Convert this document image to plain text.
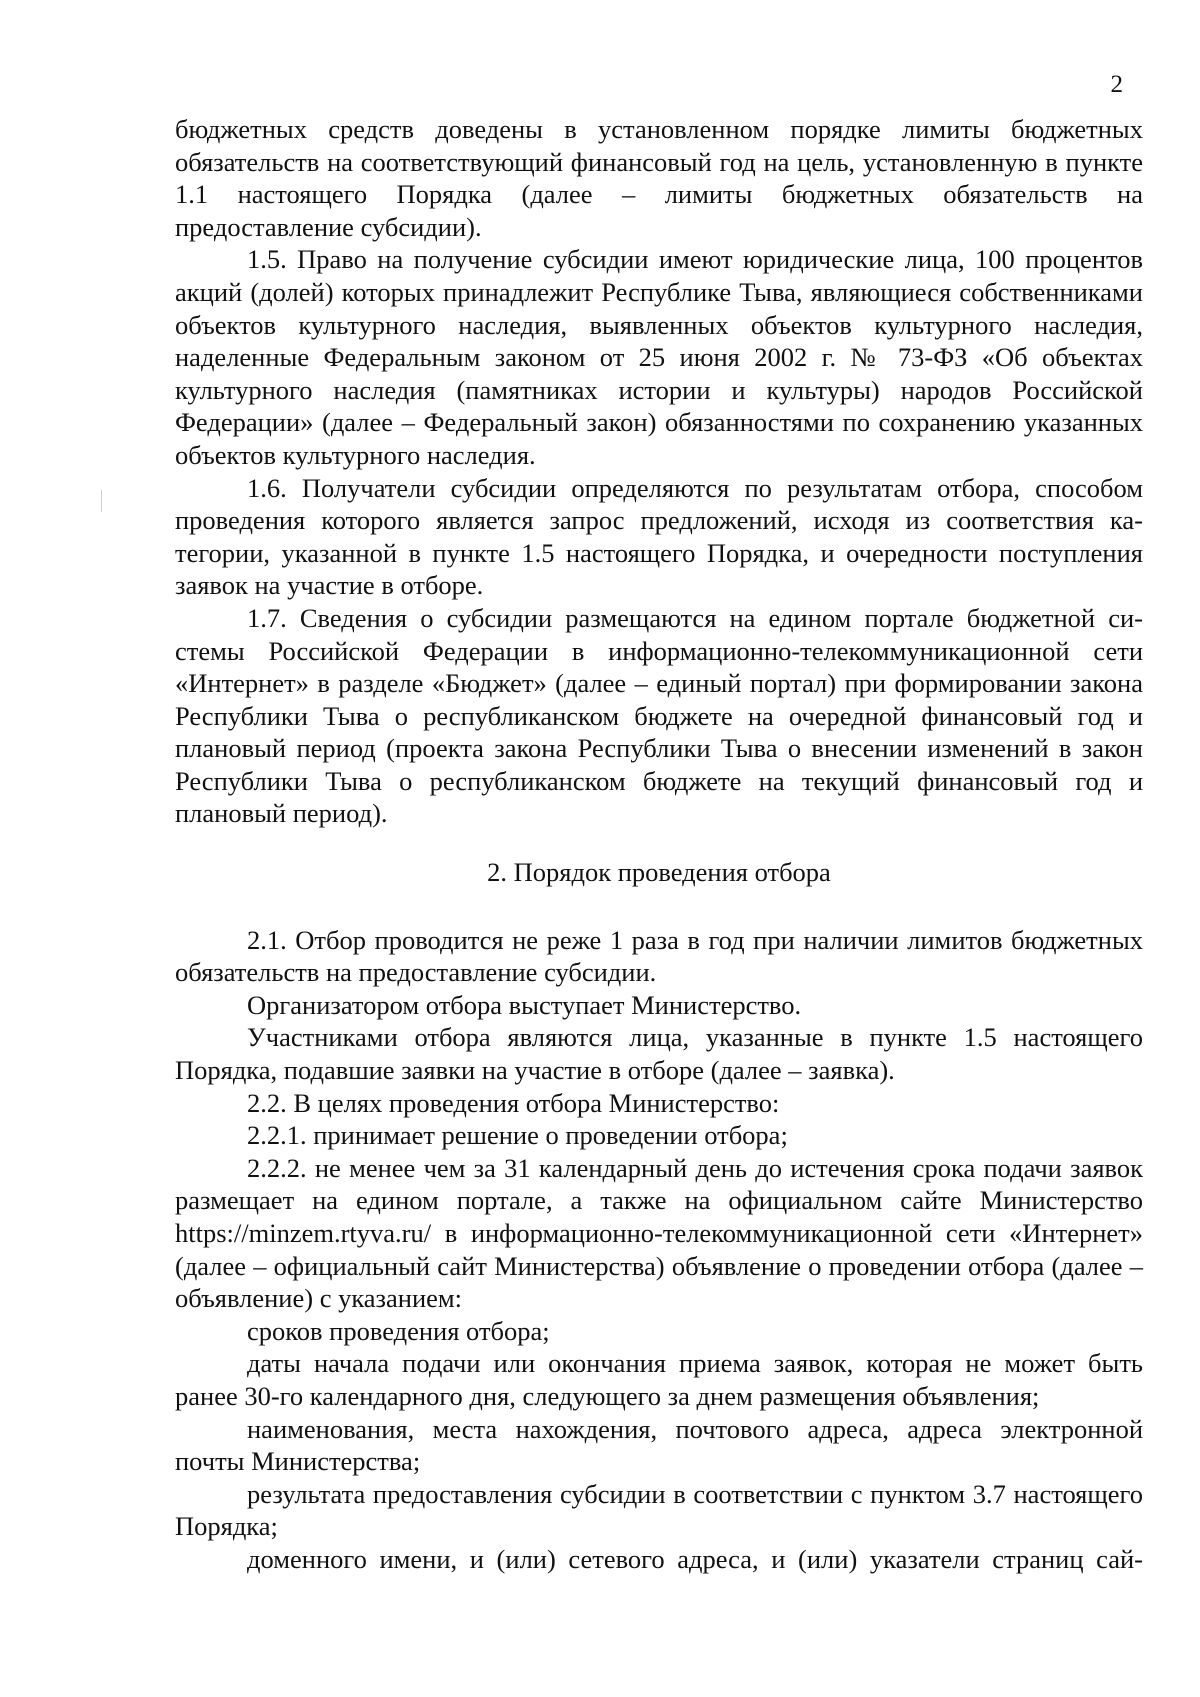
2

бюджетных средств доведены в установленном порядке лимиты бюджетных обязательств на соответствующий финансовый год на цель, установленную в пункте 1.1 настоящего Порядка (далее – лимиты бюджетных обязательств на предоставление субсидии).

1.5. Право на получение субсидии имеют юридические лица, 100 процентов акций (долей) которых принадлежит Республике Тыва, являющиеся собственниками объектов культурного наследия, выявленных объектов культурного наследия, наделенные Федеральным законом от 25 июня 2002 г. № 73-ФЗ «Об объектах культурного наследия (памятниках истории и культуры) народов Российской Федерации» (далее – Федеральный закон) обязанностями по сохранению указанных объектов культурного наследия.

1.6. Получатели субсидии определяются по результатам отбора, способом проведения которого является запрос предложений, исходя из соответствия категории, указанной в пункте 1.5 настоящего Порядка, и очередности поступления заявок на участие в отборе.

1.7. Сведения о субсидии размещаются на едином портале бюджетной системы Российской Федерации в информационно-телекоммуникационной сети «Интернет» в разделе «Бюджет» (далее – единый портал) при формировании закона Республики Тыва о республиканском бюджете на очередной финансовый год и плановый период (проекта закона Республики Тыва о внесении изменений в закон Республики Тыва о республиканском бюджете на текущий финансовый год и плановый период).

2. Порядок проведения отбора

2.1. Отбор проводится не реже 1 раза в год при наличии лимитов бюджетных обязательств на предоставление субсидии.

Организатором отбора выступает Министерство.

Участниками отбора являются лица, указанные в пункте 1.5 настоящего Порядка, подавшие заявки на участие в отборе (далее – заявка).

2.2. В целях проведения отбора Министерство:

2.2.1. принимает решение о проведении отбора;

2.2.2. не менее чем за 31 календарный день до истечения срока подачи заявок размещает на едином портале, а также на официальном сайте Министерство https://minzem.rtyva.ru/ в информационно-телекоммуникационной сети «Интернет» (далее – официальный сайт Министерства) объявление о проведении отбора (далее – объявление) с указанием:

сроков проведения отбора;

даты начала подачи или окончания приема заявок, которая не может быть ранее 30-го календарного дня, следующего за днем размещения объявления;

наименования, места нахождения, почтового адреса, адреса электронной почты Министерства;

результата предоставления субсидии в соответствии с пунктом 3.7 настоящего Порядка;

доменного имени, и (или) сетевого адреса, и (или) указатели страниц сай-
